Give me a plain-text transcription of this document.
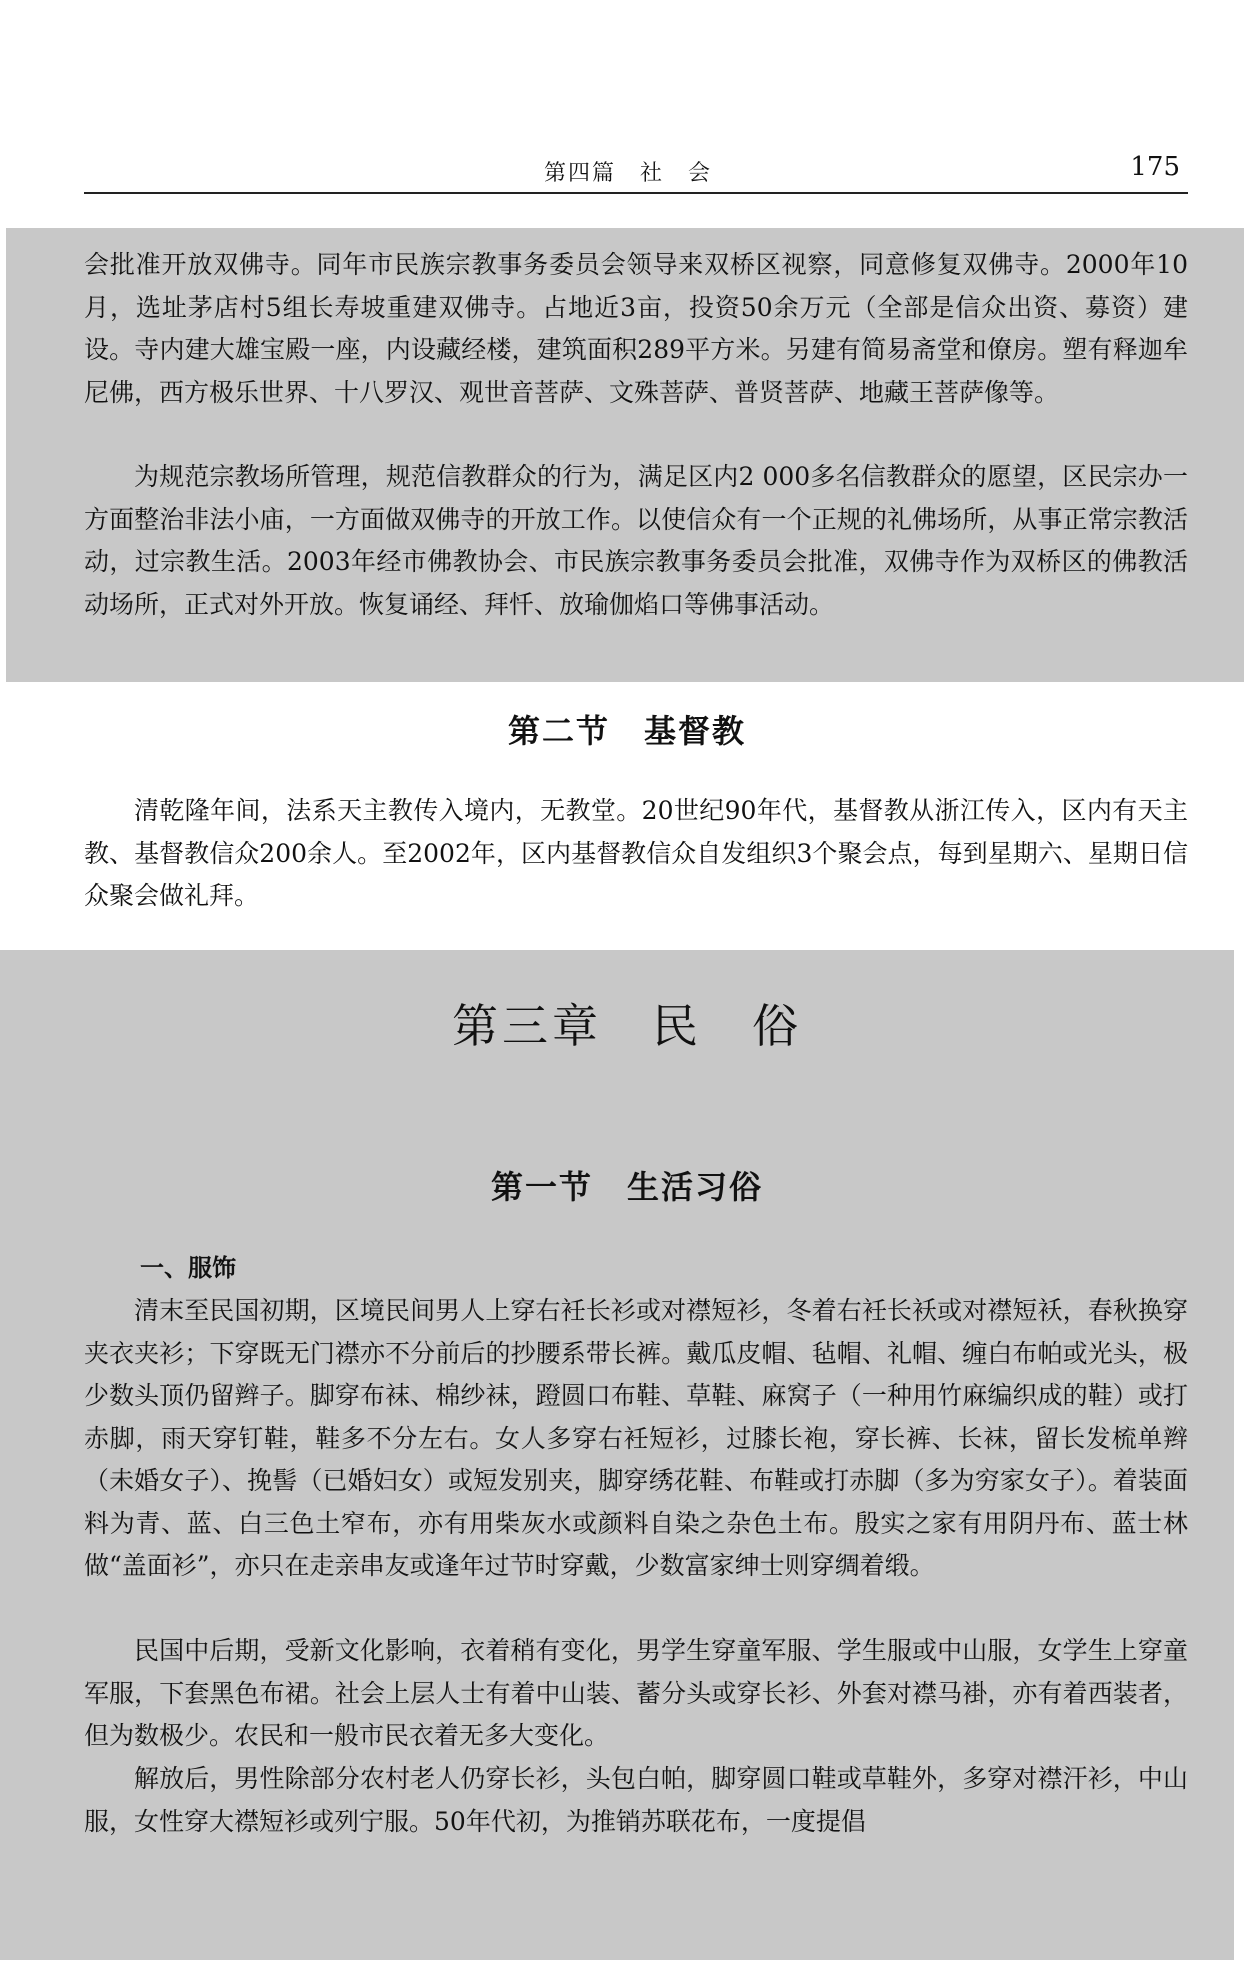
第四篇　社　会	175
会批准开放双佛寺。同年市民族宗教事务委员会领导来双桥区视察，同意修复双佛寺。2000年10月，选址茅店村5组长寿坡重建双佛寺。占地近3亩，投资50余万元（全部是信众出资、募资）建设。寺内建大雄宝殿一座，内设藏经楼，建筑面积289平方米。另建有简易斋堂和僚房。塑有释迦牟尼佛，西方极乐世界、十八罗汉、观世音菩萨、文殊菩萨、普贤菩萨、地藏王菩萨像等。
为规范宗教场所管理，规范信教群众的行为，满足区内2 000多名信教群众的愿望，区民宗办一方面整治非法小庙，一方面做双佛寺的开放工作。以使信众有一个正规的礼佛场所，从事正常宗教活动，过宗教生活。2003年经市佛教协会、市民族宗教事务委员会批准，双佛寺作为双桥区的佛教活动场所，正式对外开放。恢复诵经、拜忏、放瑜伽焰口等佛事活动。
第二节　基督教
清乾隆年间，法系天主教传入境内，无教堂。20世纪90年代，基督教从浙江传入，区内有天主教、基督教信众200余人。至2002年，区内基督教信众自发组织3个聚会点，每到星期六、星期日信众聚会做礼拜。
第三章　民　俗
第一节　生活习俗
一、服饰
清末至民国初期，区境民间男人上穿右衽长衫或对襟短衫，冬着右衽长袄或对襟短袄，春秋换穿夹衣夹衫；下穿既无门襟亦不分前后的抄腰系带长裤。戴瓜皮帽、毡帽、礼帽、缠白布帕或光头，极少数头顶仍留辫子。脚穿布袜、棉纱袜，蹬圆口布鞋、草鞋、麻窝子（一种用竹麻编织成的鞋）或打赤脚，雨天穿钉鞋，鞋多不分左右。女人多穿右衽短衫，过膝长袍，穿长裤、长袜，留长发梳单辫（未婚女子）、挽髻（已婚妇女）或短发别夹，脚穿绣花鞋、布鞋或打赤脚（多为穷家女子）。着装面料为青、蓝、白三色土窄布，亦有用柴灰水或颜料自染之杂色土布。殷实之家有用阴丹布、蓝士林做“盖面衫”，亦只在走亲串友或逢年过节时穿戴，少数富家绅士则穿绸着缎。
民国中后期，受新文化影响，衣着稍有变化，男学生穿童军服、学生服或中山服，女学生上穿童军服，下套黑色布裙。社会上层人士有着中山装、蓄分头或穿长衫、外套对襟马褂，亦有着西装者，但为数极少。农民和一般市民衣着无多大变化。
解放后，男性除部分农村老人仍穿长衫，头包白帕，脚穿圆口鞋或草鞋外，多穿对襟汗衫，中山服，女性穿大襟短衫或列宁服。50年代初，为推销苏联花布，一度提倡
